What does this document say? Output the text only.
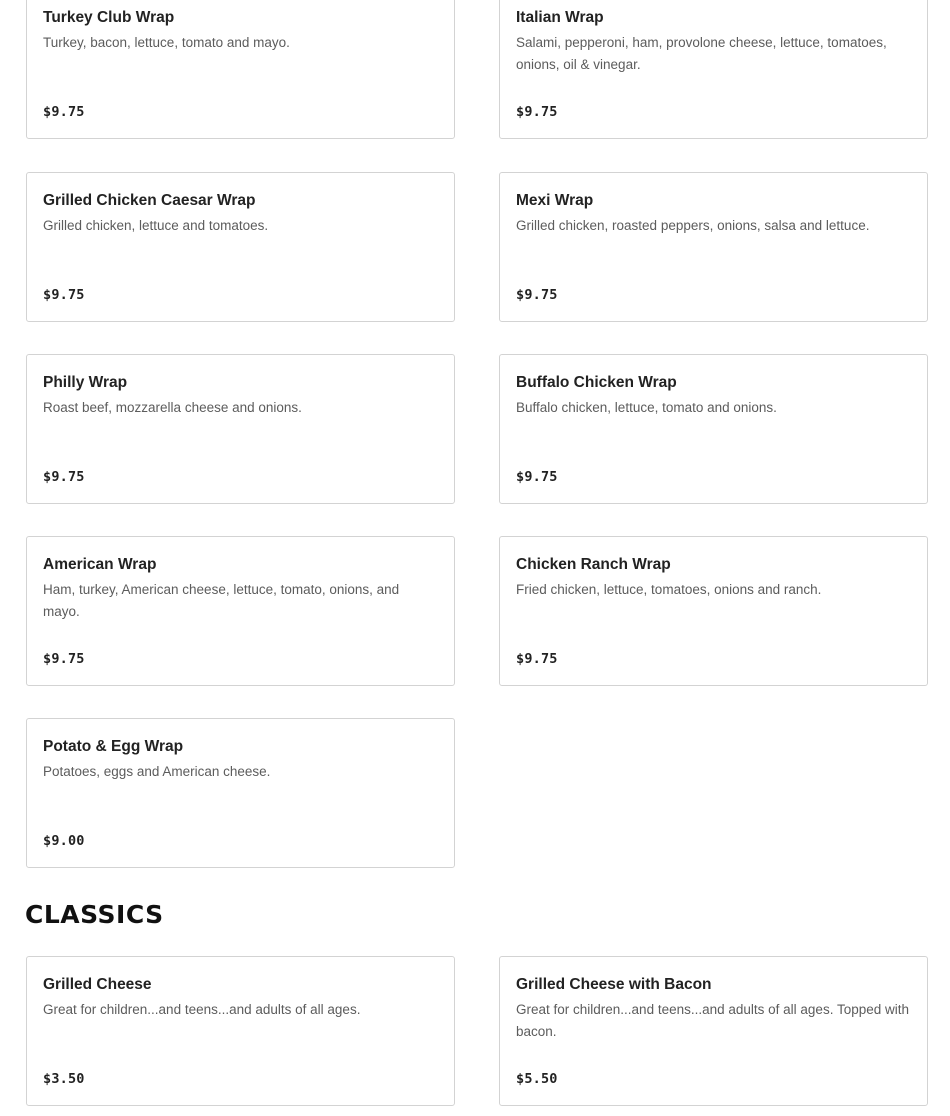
Turkey Club Wrap
Turkey, bacon, lettuce, tomato and mayo.
$9.75
Italian Wrap
Salami, pepperoni, ham, provolone cheese, lettuce, tomatoes, onions, oil & vinegar.
$9.75
Grilled Chicken Caesar Wrap
Grilled chicken, lettuce and tomatoes.
$9.75
Mexi Wrap
Grilled chicken, roasted peppers, onions, salsa and lettuce.
$9.75
Philly Wrap
Roast beef, mozzarella cheese and onions.
$9.75
Buffalo Chicken Wrap
Buffalo chicken, lettuce, tomato and onions.
$9.75
American Wrap
Ham, turkey, American cheese, lettuce, tomato, onions, and mayo.
$9.75
Chicken Ranch Wrap
Fried chicken, lettuce, tomatoes, onions and ranch.
$9.75
Potato & Egg Wrap
Potatoes, eggs and American cheese.
$9.00
CLASSICS
Grilled Cheese
Great for children...and teens...and adults of all ages.
$3.50
Grilled Cheese with Bacon
Great for children...and teens...and adults of all ages. Topped with bacon.
$5.50
